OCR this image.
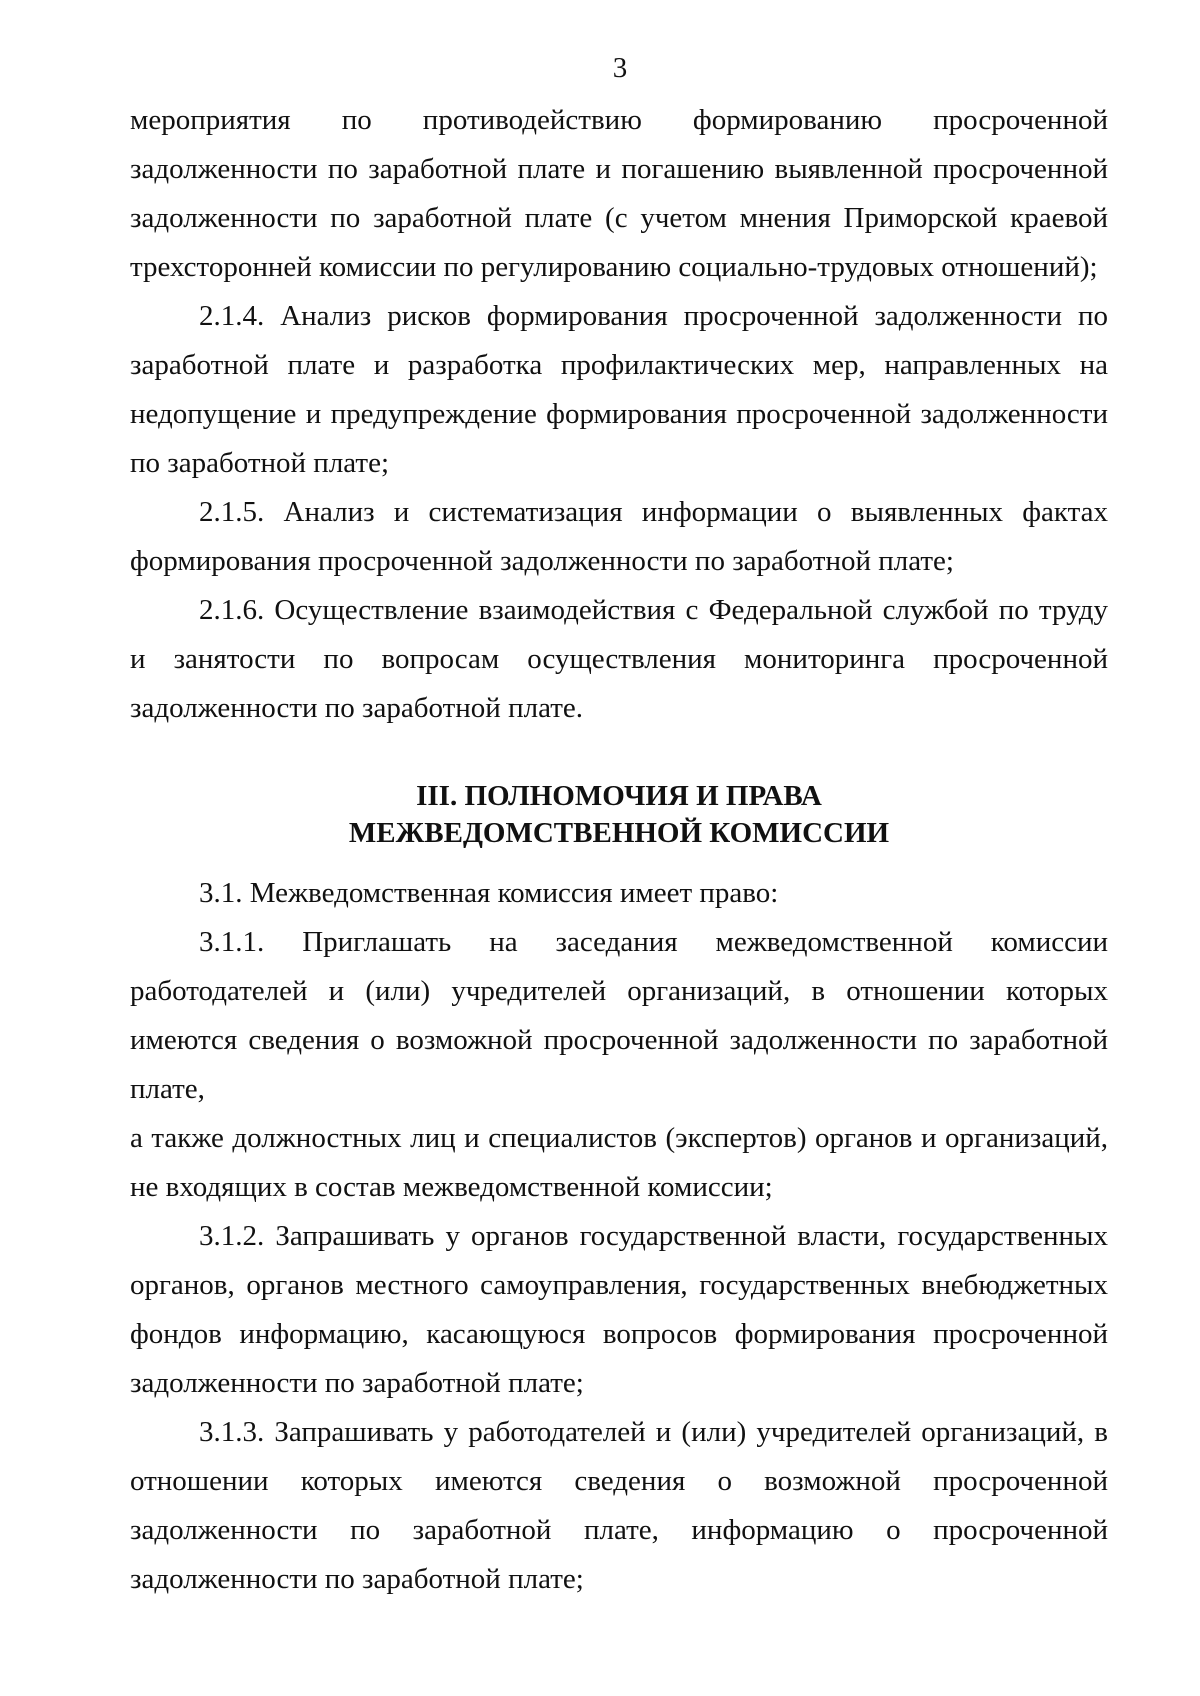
3

мероприятия по противодействию формированию просроченной задолженности по заработной плате и погашению выявленной просроченной задолженности по заработной плате (с учетом мнения Приморской краевой трехсторонней комиссии по регулированию социально-трудовых отношений);

2.1.4. Анализ рисков формирования просроченной задолженности по заработной плате и разработка профилактических мер, направленных на недопущение и предупреждение формирования просроченной задолженности по заработной плате;

2.1.5. Анализ и систематизация информации о выявленных фактах формирования просроченной задолженности по заработной плате;

2.1.6. Осуществление взаимодействия с Федеральной службой по труду и занятости по вопросам осуществления мониторинга просроченной задолженности по заработной плате.

III. ПОЛНОМОЧИЯ И ПРАВА

МЕЖВЕДОМСТВЕННОЙ КОМИССИИ

3.1. Межведомственная комиссия имеет право:

3.1.1. Приглашать на заседания межведомственной комиссии работодателей и (или) учредителей организаций, в отношении которых имеются сведения о возможной просроченной задолженности по заработной плате,

а также должностных лиц и специалистов (экспертов) органов и организаций, не входящих в состав межведомственной комиссии;

3.1.2. Запрашивать у органов государственной власти, государственных органов, органов местного самоуправления, государственных внебюджетных фондов информацию, касающуюся вопросов формирования просроченной задолженности по заработной плате;

3.1.3. Запрашивать у работодателей и (или) учредителей организаций, в отношении которых имеются сведения о возможной просроченной задолженности по заработной плате, информацию о просроченной задолженности по заработной плате;
